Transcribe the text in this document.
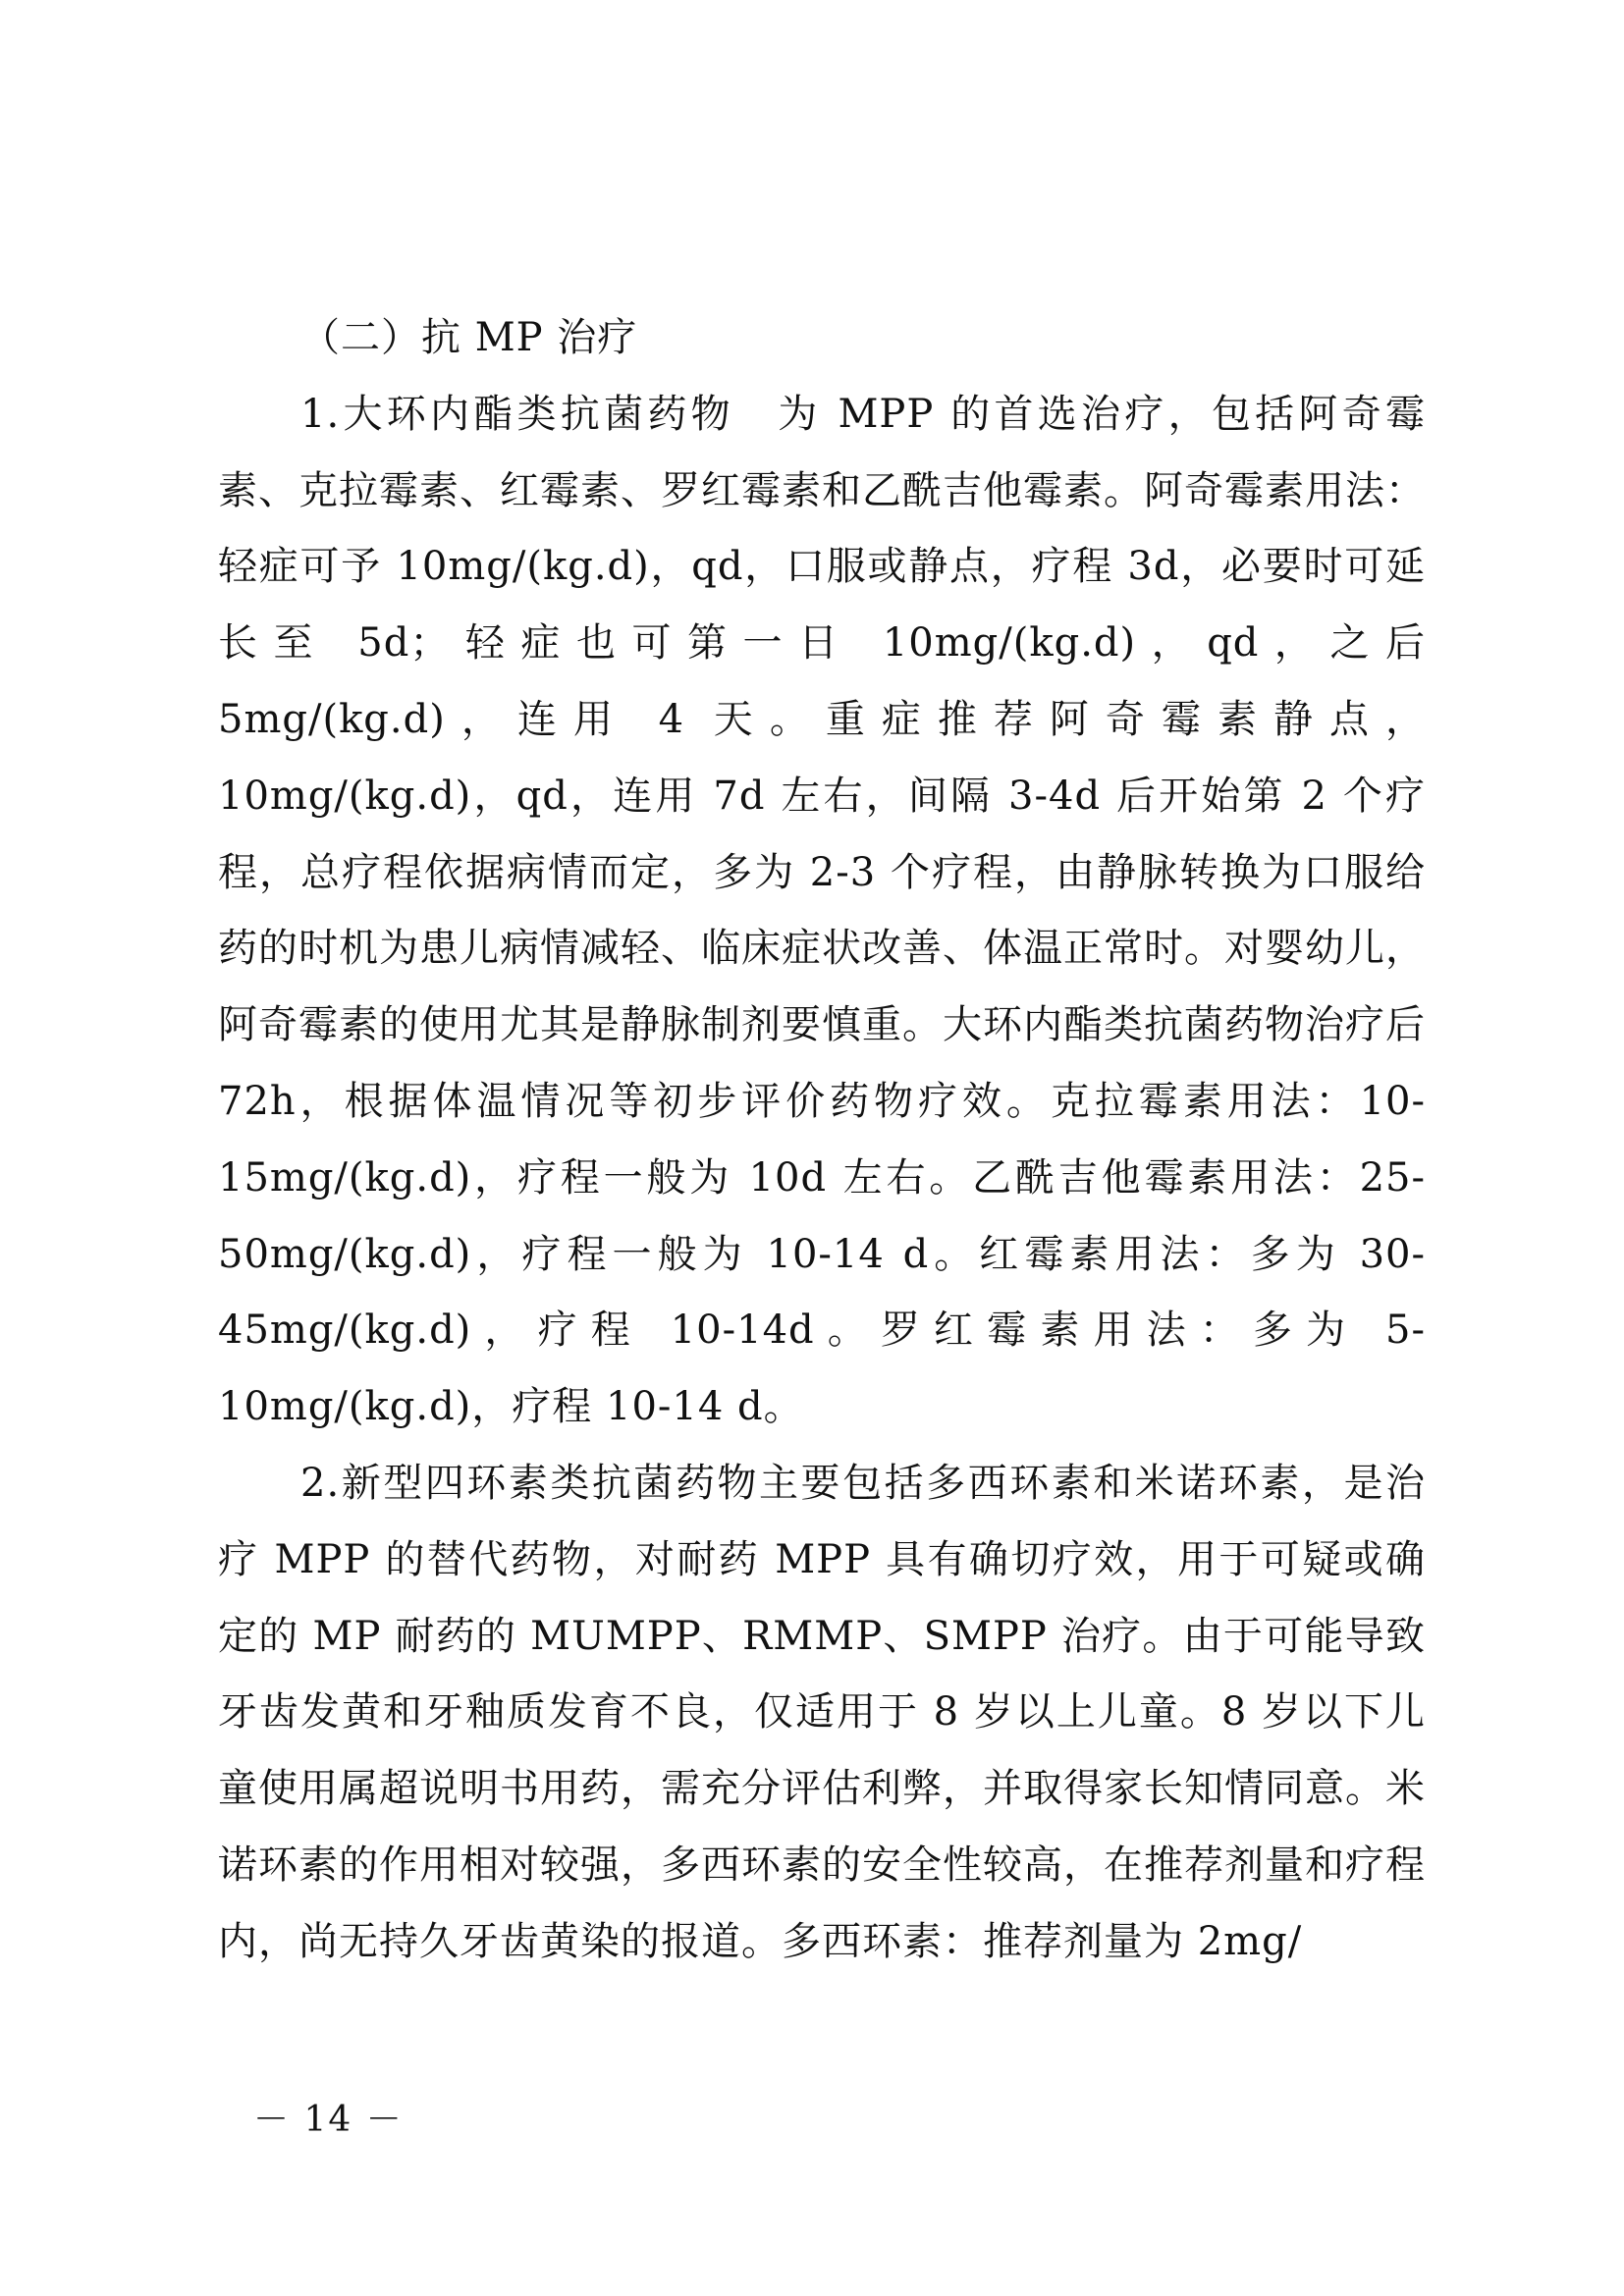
（二）抗 MP 治疗

1.大环内酯类抗菌药物　为 MPP 的首选治疗，包括阿奇霉素、克拉霉素、红霉素、罗红霉素和乙酰吉他霉素。阿奇霉素用法：轻症可予 10mg/(kg.d)，qd，口服或静点，疗程 3d，必要时可延长至 5d；轻症也可第一日 10mg/(kg.d)，qd，之后 5mg/(kg.d)，连用 4 天。重症推荐阿奇霉素静点，10mg/(kg.d)，qd，连用 7d 左右，间隔 3-4d 后开始第 2 个疗程，总疗程依据病情而定，多为 2-3 个疗程，由静脉转换为口服给药的时机为患儿病情减轻、临床症状改善、体温正常时。对婴幼儿，阿奇霉素的使用尤其是静脉制剂要慎重。大环内酯类抗菌药物治疗后 72h，根据体温情况等初步评价药物疗效。克拉霉素用法：10-15mg/(kg.d)，疗程一般为 10d 左右。乙酰吉他霉素用法：25-50mg/(kg.d)，疗程一般为 10-14 d。红霉素用法：多为 30-45mg/(kg.d)，疗程 10-14d。罗红霉素用法：多为 5-10mg/(kg.d)，疗程 10-14 d。

2.新型四环素类抗菌药物主要包括多西环素和米诺环素，是治疗 MPP 的替代药物，对耐药 MPP 具有确切疗效，用于可疑或确定的 MP 耐药的 MUMPP、RMMP、SMPP 治疗。由于可能导致牙齿发黄和牙釉质发育不良，仅适用于 8 岁以上儿童。8 岁以下儿童使用属超说明书用药，需充分评估利弊，并取得家长知情同意。米诺环素的作用相对较强，多西环素的安全性较高，在推荐剂量和疗程内，尚无持久牙齿黄染的报道。多西环素：推荐剂量为 2mg/

－ 14 －
